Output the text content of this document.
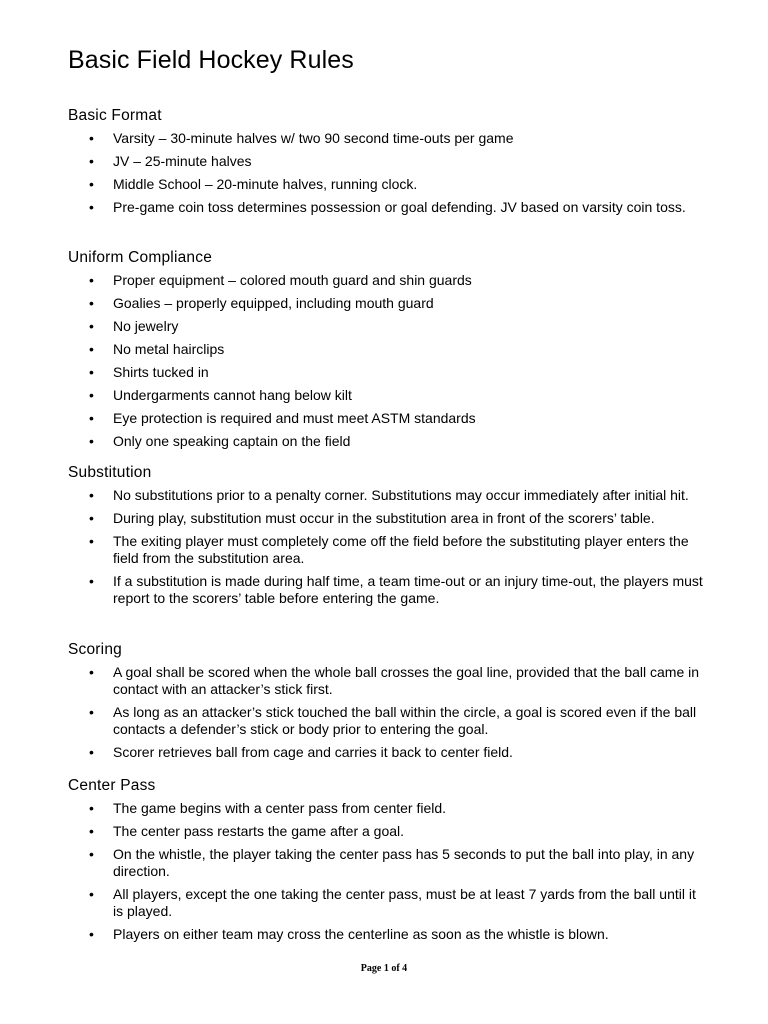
Basic Field Hockey Rules
Basic Format
• Varsity – 30-minute halves w/ two 90 second time-outs per game
• JV – 25-minute halves
• Middle School – 20-minute halves, running clock.
• Pre-game coin toss determines possession or goal defending. JV based on varsity coin toss.
Uniform Compliance
• Proper equipment – colored mouth guard and shin guards
• Goalies – properly equipped, including mouth guard
• No jewelry
• No metal hairclips
• Shirts tucked in
• Undergarments cannot hang below kilt
• Eye protection is required and must meet ASTM standards
• Only one speaking captain on the field
Substitution
• No substitutions prior to a penalty corner. Substitutions may occur immediately after initial hit.
• During play, substitution must occur in the substitution area in front of the scorers’ table.
• The exiting player must completely come off the field before the substituting player enters the field from the substitution area.
• If a substitution is made during half time, a team time-out or an injury time-out, the players must report to the scorers’ table before entering the game.
Scoring
• A goal shall be scored when the whole ball crosses the goal line, provided that the ball came in contact with an attacker’s stick first.
• As long as an attacker’s stick touched the ball within the circle, a goal is scored even if the ball contacts a defender’s stick or body prior to entering the goal.
• Scorer retrieves ball from cage and carries it back to center field.
Center Pass
• The game begins with a center pass from center field.
• The center pass restarts the game after a goal.
• On the whistle, the player taking the center pass has 5 seconds to put the ball into play, in any direction.
• All players, except the one taking the center pass, must be at least 7 yards from the ball until it is played.
• Players on either team may cross the centerline as soon as the whistle is blown.
Page 1 of 4
